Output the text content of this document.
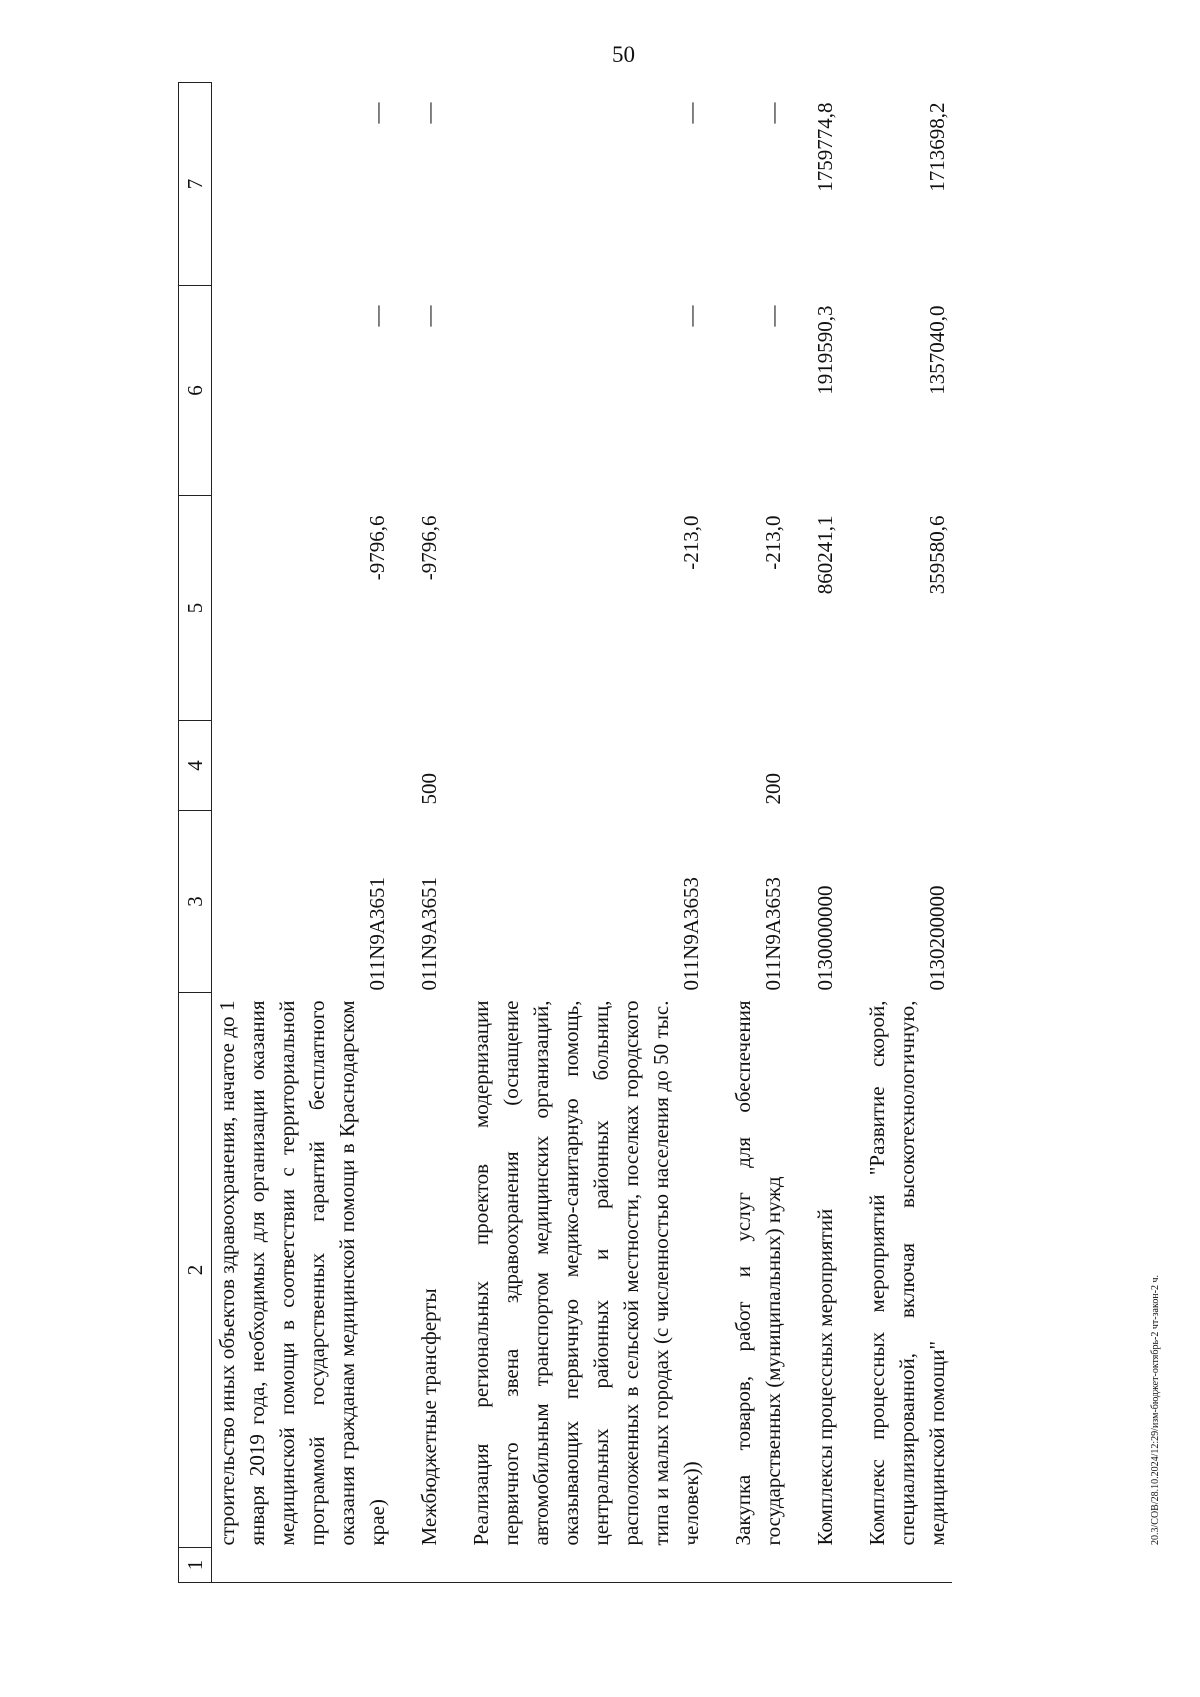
50
1	2	3	4	5	6	7
	строительство иных объектов здравоохранения, начатое до 1 января 2019 года, необходимых для организации оказания медицинской помощи в соответствии с территориальной программой государственных гарантий бесплатного оказания гражданам медицинской помощи в Краснодарском крае)	011N9A3651		-9796,6	—	—
	Межбюджетные трансферты	011N9A3651	500	-9796,6	—	—
	Реализация региональных проектов модернизации первичного звена здравоохранения (оснащение автомобильным транспортом медицинских организаций, оказывающих первичную медико-санитарную помощь, центральных районных и районных больниц, расположенных в сельской местности, поселках городского типа и малых городах (с численностью населения до 50 тыс. человек))	011N9A3653		-213,0	—	—
	Закупка товаров, работ и услуг для обеспечения государственных (муниципальных) нужд	011N9A3653	200	-213,0	—	—
	Комплексы процессных мероприятий	0130000000		860241,1	1919590,3	1759774,8
	Комплекс процессных мероприятий "Развитие скорой, специализированной, включая высокотехнологичную, медицинской помощи"	0130200000		359580,6	1357040,0	1713698,2
20.3/СОВ/28.10.2024/12:29/изм-бюджет-октябрь-2 чт-закон-2 ч.
